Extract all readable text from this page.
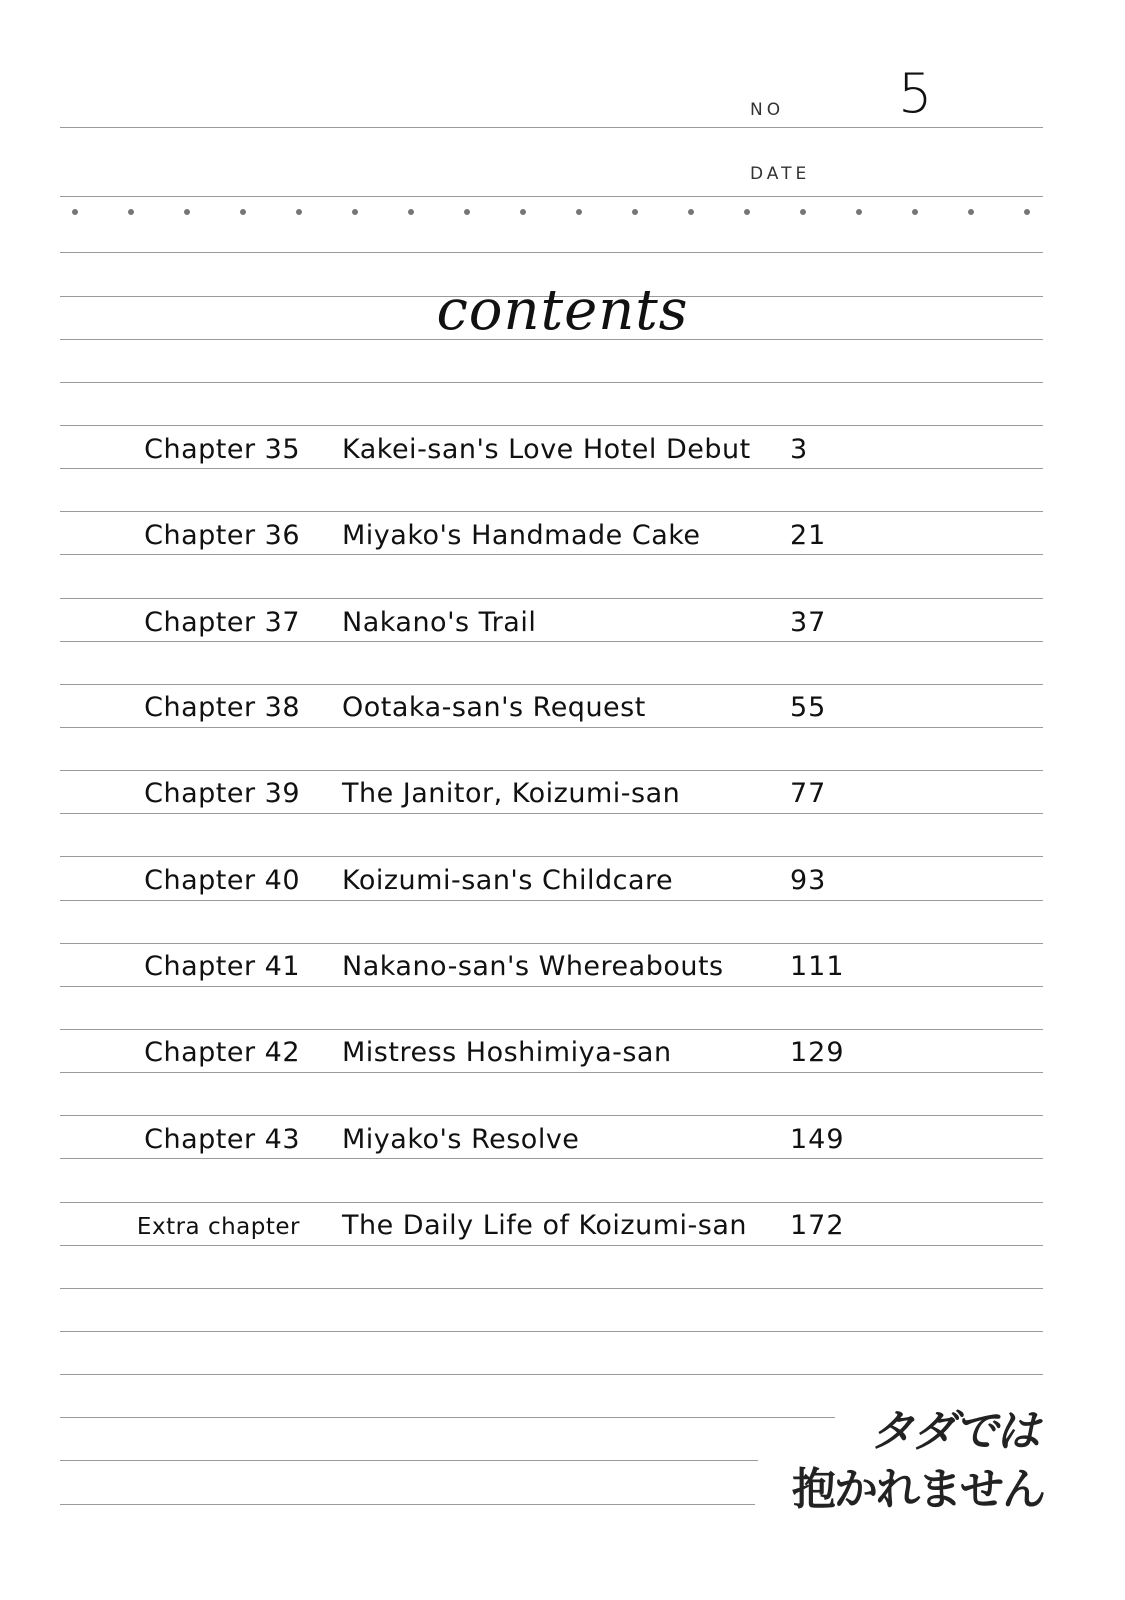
NO 5
DATE
contents
Chapter 35 Kakei-san's Love Hotel Debut 3
Chapter 36 Miyako's Handmade Cake	21
Chapter 37 Nakano's Trail	37
Chapter 38 Ootaka-san's Request	55
Chapter 39 The Janitor, Koizumi-san	77
Chapter 40 Koizumi-san's Childcare	93
Chapter 41 Nakano-san's Whereabouts 111
Chapter 42 Mistress Hoshimiya-san	129
Chapter 43 Miyako's Resolve	149
Extra chapter The Daily Life of Koizumi-san 172
タダでは
抱かれません
